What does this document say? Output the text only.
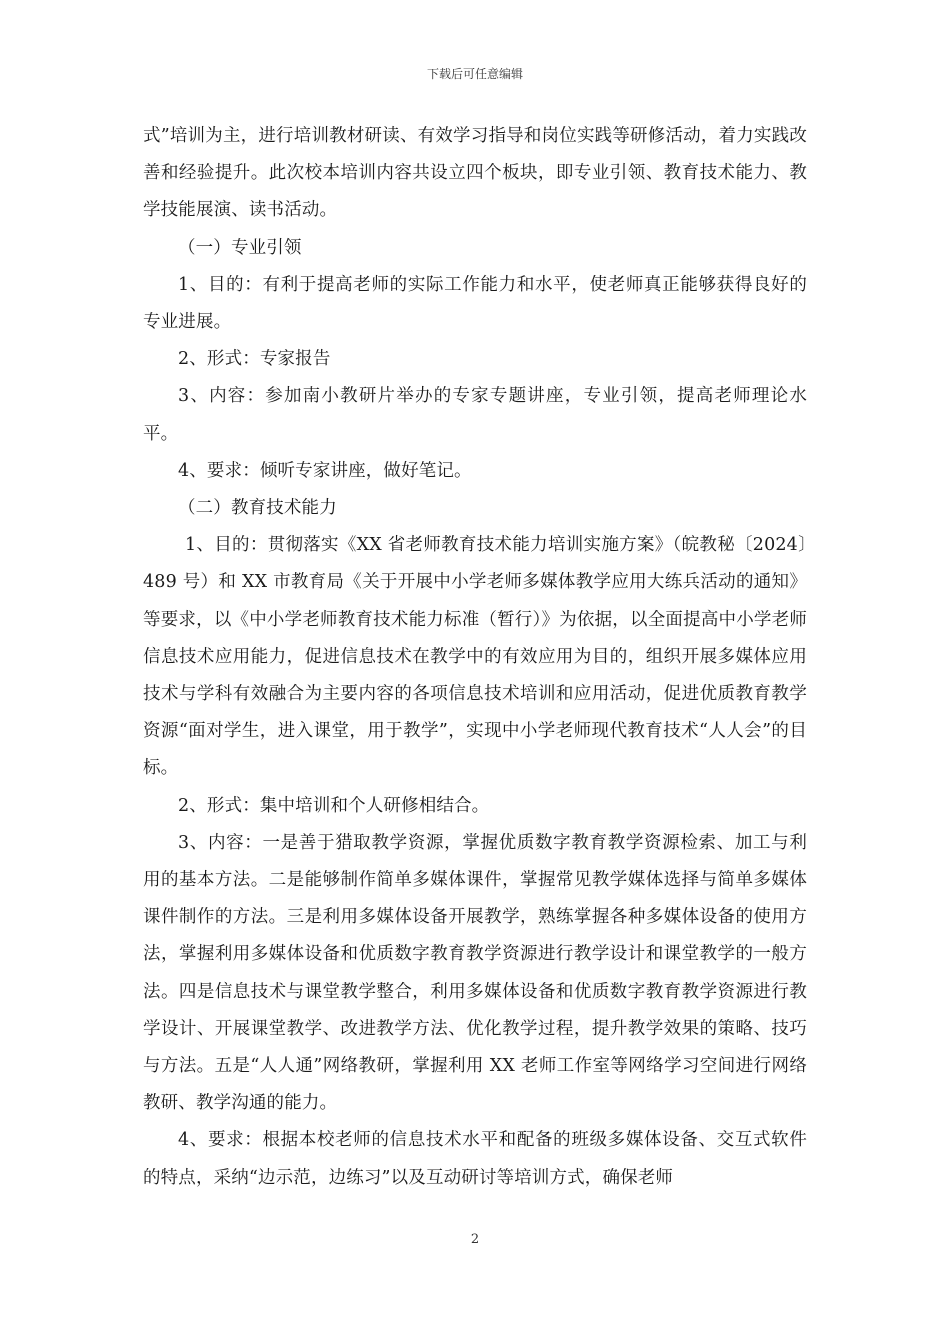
下载后可任意编辑

式”培训为主，进行培训教材研读、有效学习指导和岗位实践等研修活动，着力实践改善和经验提升。此次校本培训内容共设立四个板块，即专业引领、教育技术能力、教学技能展演、读书活动。

（一）专业引领

1、目的：有利于提高老师的实际工作能力和水平，使老师真正能够获得良好的专业进展。

2、形式：专家报告

3、内容：参加南小教研片举办的专家专题讲座，专业引领，提高老师理论水平。

4、要求：倾听专家讲座，做好笔记。

（二）教育技术能力

1、目的：贯彻落实《XX 省老师教育技术能力培训实施方案》（皖教秘〔2024〕489 号）和 XX 市教育局《关于开展中小学老师多媒体教学应用大练兵活动的通知》等要求，以《中小学老师教育技术能力标准（暂行）》为依据，以全面提高中小学老师信息技术应用能力，促进信息技术在教学中的有效应用为目的，组织开展多媒体应用技术与学科有效融合为主要内容的各项信息技术培训和应用活动，促进优质教育教学资源“面对学生，进入课堂，用于教学”，实现中小学老师现代教育技术“人人会”的目标。

2、形式：集中培训和个人研修相结合。

3、内容：一是善于猎取教学资源，掌握优质数字教育教学资源检索、加工与利用的基本方法。二是能够制作简单多媒体课件，掌握常见教学媒体选择与简单多媒体课件制作的方法。三是利用多媒体设备开展教学，熟练掌握各种多媒体设备的使用方法，掌握利用多媒体设备和优质数字教育教学资源进行教学设计和课堂教学的一般方法。四是信息技术与课堂教学整合，利用多媒体设备和优质数字教育教学资源进行教学设计、开展课堂教学、改进教学方法、优化教学过程，提升教学效果的策略、技巧与方法。五是“人人通”网络教研，掌握利用 XX 老师工作室等网络学习空间进行网络教研、教学沟通的能力。

4、要求：根据本校老师的信息技术水平和配备的班级多媒体设备、交互式软件的特点，采纳“边示范，边练习”以及互动研讨等培训方式，确保老师

2
